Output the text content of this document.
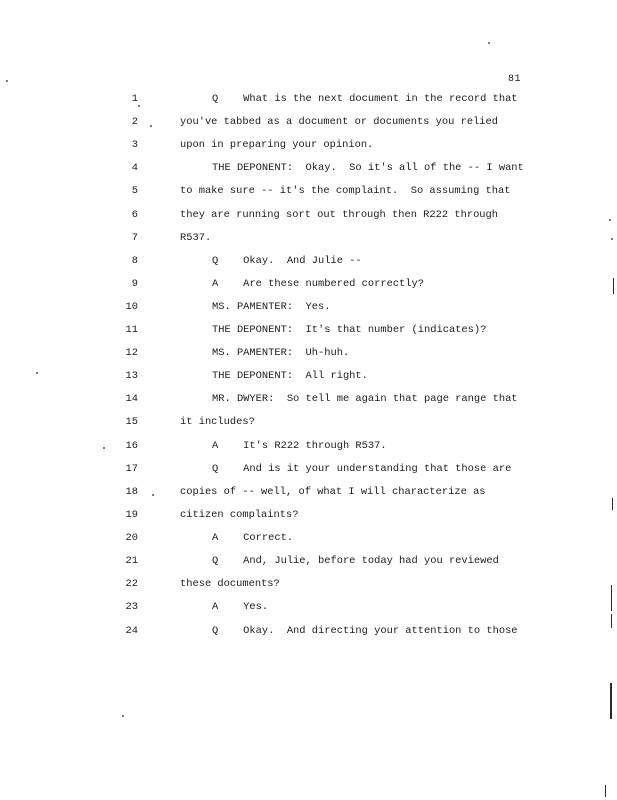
81
1	Q    What is the next document in the record that
2	you've tabbed as a document or documents you relied
3	upon in preparing your opinion.
4	THE DEPONENT:  Okay.  So it's all of the -- I want
5	to make sure -- it's the complaint.  So assuming that
6	they are running sort out through then R222 through
7	R537.
8	Q    Okay.  And Julie --
9	A    Are these numbered correctly?
10	MS. PAMENTER:  Yes.
11	THE DEPONENT:  It's that number (indicates)?
12	MS. PAMENTER:  Uh-huh.
13	THE DEPONENT:  All right.
14	MR. DWYER:  So tell me again that page range that
15	it includes?
16	A    It's R222 through R537.
17	Q    And is it your understanding that those are
18	copies of -- well, of what I will characterize as
19	citizen complaints?
20	A    Correct.
21	Q    And, Julie, before today had you reviewed
22	these documents?
23	A    Yes.
24	Q    Okay.  And directing your attention to those
